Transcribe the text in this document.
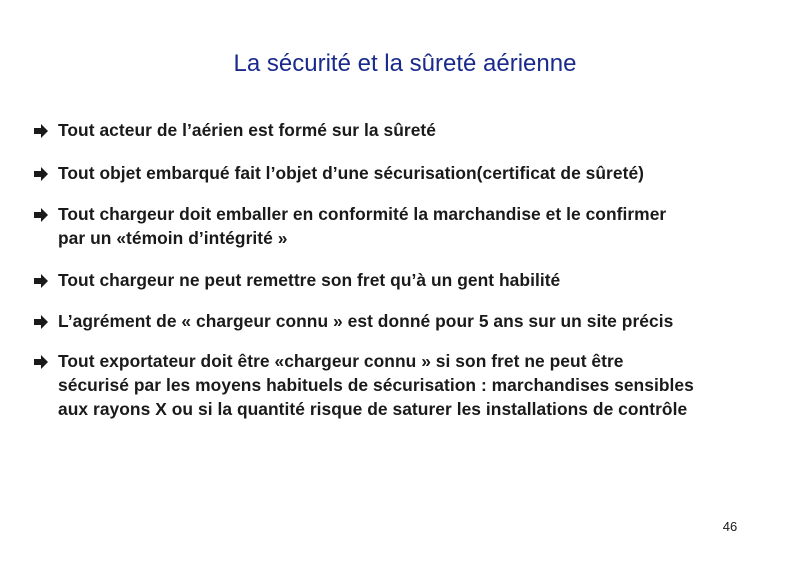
La sécurité et la sûreté aérienne
Tout acteur de l’aérien est formé sur la sûreté
Tout objet embarqué fait l’objet d’une sécurisation(certificat de sûreté)
Tout chargeur doit emballer en conformité la marchandise et le confirmer
par un «témoin d’intégrité »
Tout chargeur ne peut remettre son fret qu’à un gent habilité
L’agrément de « chargeur connu » est donné pour 5 ans sur un site précis
Tout exportateur doit être «chargeur connu » si son fret ne peut être
sécurisé par les moyens habituels de sécurisation : marchandises sensibles
aux rayons X ou si la quantité risque de saturer les installations de contrôle
46
